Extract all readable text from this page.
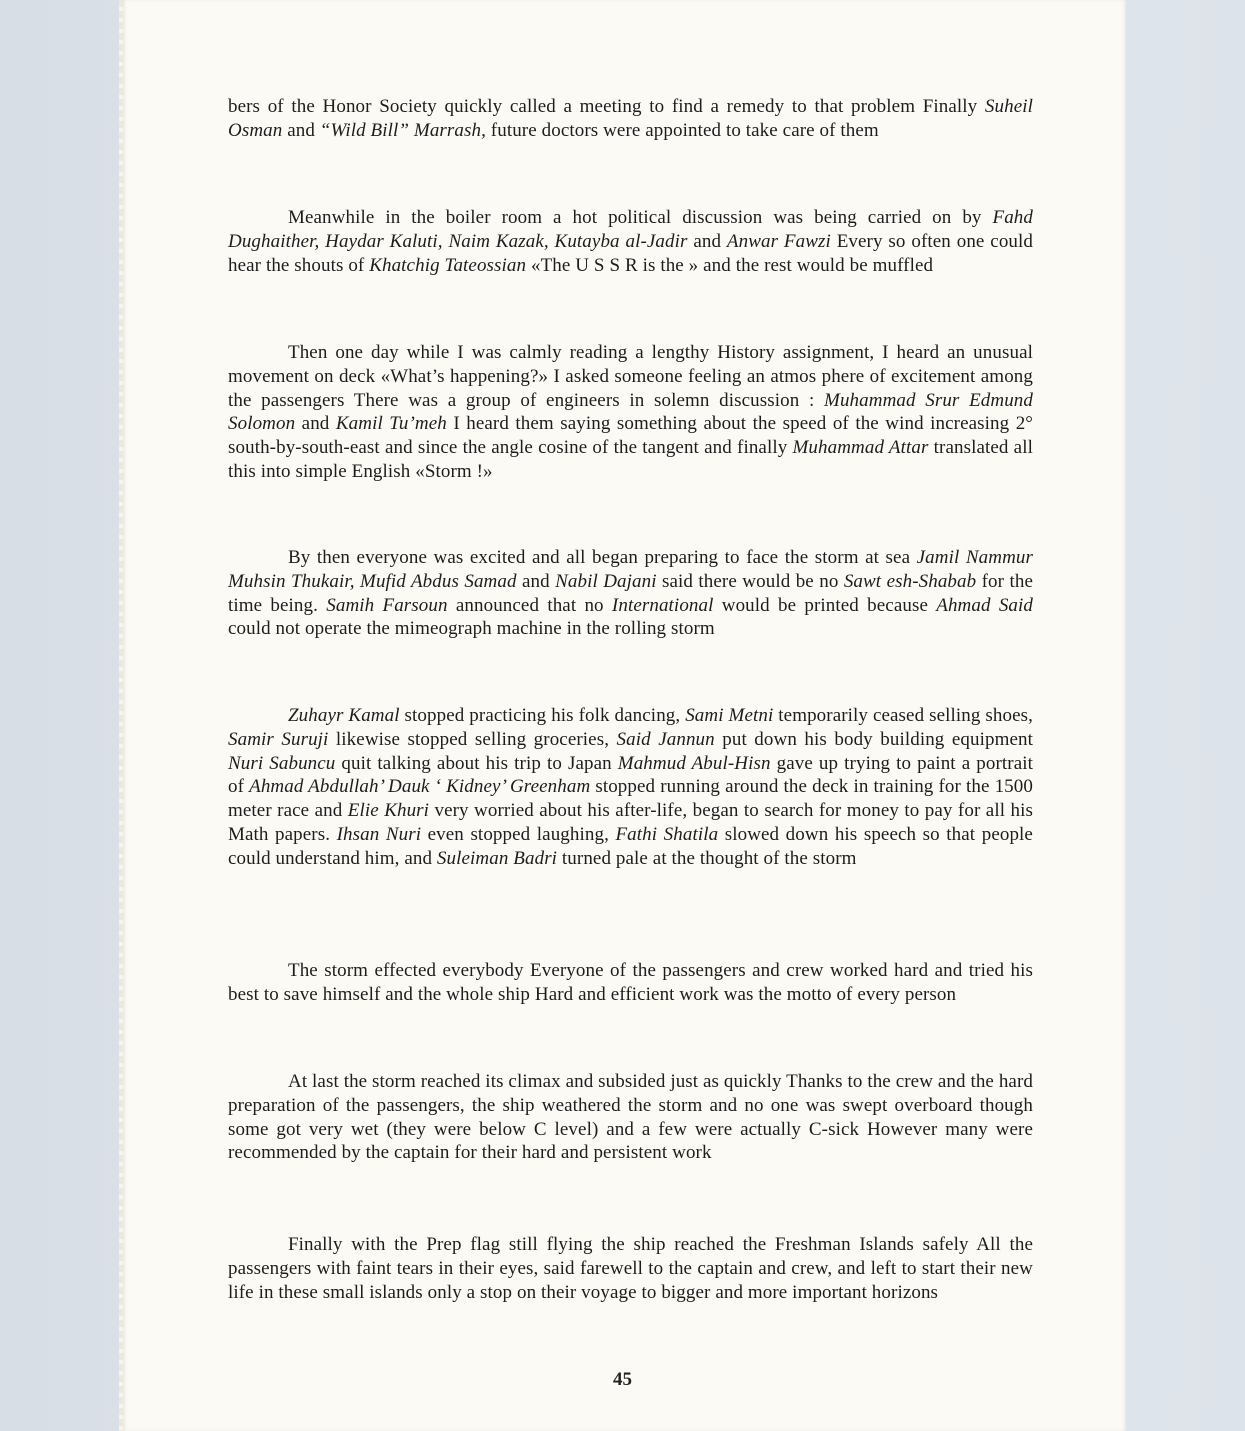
bers of the Honor Society quickly called a meeting to find a remedy to that problem Finally Suheil Osman and “Wild Bill” Marrash, future doctors were appointed to take care of them

Meanwhile in the boiler room a hot political discussion was being carried on by Fahd Dughaither, Haydar Kaluti, Naim Kazak, Kutayba al-Jadir and Anwar Fawzi Every so often one could hear the shouts of Khatchig Tateossian «The U S S R is the » and the rest would be muffled

Then one day while I was calmly reading a lengthy History assignment, I heard an unusual movement on deck «What’s happening?» I asked someone feeling an atmos phere of excitement among the passengers There was a group of engineers in solemn discussion : Muhammad Srur Edmund Solomon and Kamil Tu’meh I heard them saying something about the speed of the wind increasing 2° south-by-south-east and since the angle cosine of the tangent and finally Muhammad Attar translated all this into simple English «Storm !»

By then everyone was excited and all began preparing to face the storm at sea Jamil Nammur Muhsin Thukair, Mufid Abdus Samad and Nabil Dajani said there would be no Sawt esh-Shabab for the time being. Samih Farsoun announced that no International would be printed because Ahmad Said could not operate the mimeograph machine in the rolling storm

Zuhayr Kamal stopped practicing his folk dancing, Sami Metni temporarily ceased selling shoes, Samir Suruji likewise stopped selling groceries, Said Jannun put down his body building equipment Nuri Sabuncu quit talking about his trip to Japan Mahmud Abul-Hisn gave up trying to paint a portrait of Ahmad Abdullah’ Dauk ‘ Kidney’ Greenham stopped running around the deck in training for the 1500 meter race and Elie Khuri very worried about his after-life, began to search for money to pay for all his Math papers. Ihsan Nuri even stopped laughing, Fathi Shatila slowed down his speech so that people could understand him, and Suleiman Badri turned pale at the thought of the storm

The storm effected everybody Everyone of the passengers and crew worked hard and tried his best to save himself and the whole ship Hard and efficient work was the motto of every person

At last the storm reached its climax and subsided just as quickly Thanks to the crew and the hard preparation of the passengers, the ship weathered the storm and no one was swept overboard though some got very wet (they were below C level) and a few were actually C-sick However many were recommended by the captain for their hard and persistent work

Finally with the Prep flag still flying the ship reached the Freshman Islands safely All the passengers with faint tears in their eyes, said farewell to the captain and crew, and left to start their new life in these small islands only a stop on their voyage to bigger and more important horizons

45
